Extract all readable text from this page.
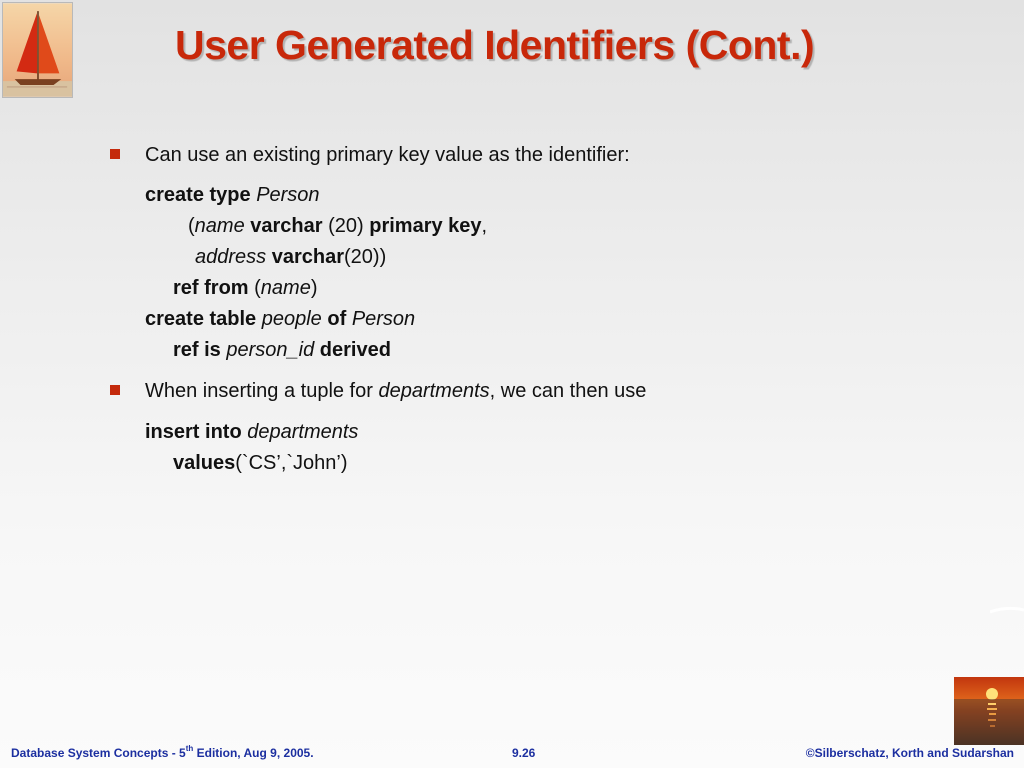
User Generated Identifiers (Cont.)

Can use an existing primary key value as the identifier:

create type Person

(name varchar (20) primary key,

address varchar(20))

ref from (name)

create table people of Person

ref is person_id derived

When inserting a tuple for departments, we can then use

insert into departments

values(`CS’,`John’)

Database System Concepts - 5th Edition, Aug 9, 2005.	9.26	©Silberschatz, Korth and Sudarshan
